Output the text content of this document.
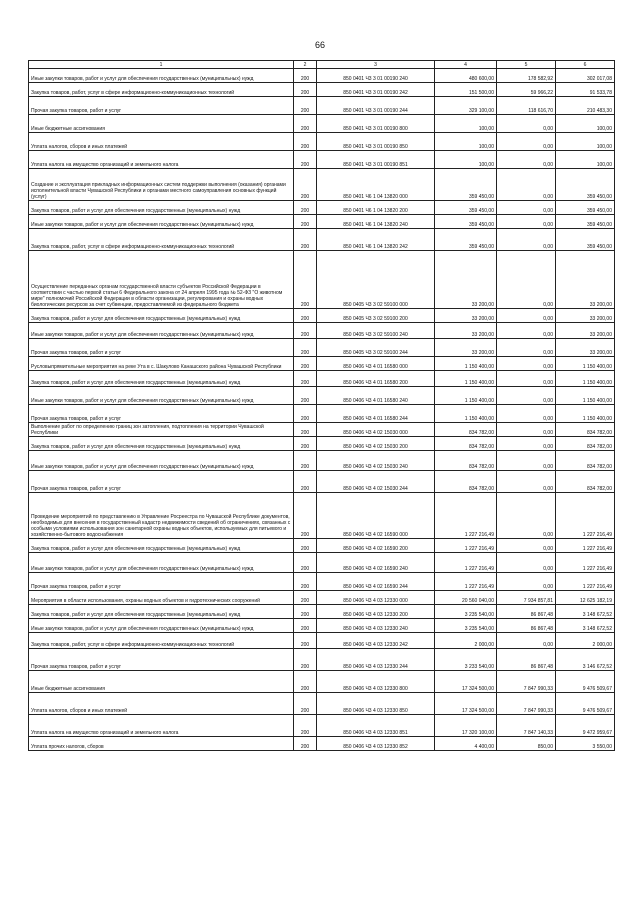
66
1	2	3	4	5	6
Иные закупки товаров, работ и услуг для обеспечения государственных (муниципальных) нужд	200	850 0401 Ч3 3 01 00190 240	480 600,00	178 582,92	302 017,08
Закупка товаров, работ, услуг в сфере информационно-коммуникационных технологий	200	850 0401 Ч3 3 01 00190 242	151 500,00	59 966,22	91 533,78
Прочая закупка товаров, работ и услуг	200	850 0401 Ч3 3 01 00190 244	329 100,00	118 616,70	210 483,30
Иные бюджетные ассигнования	200	850 0401 Ч3 3 01 00190 800	100,00	0,00	100,00
Уплата налогов, сборов и иных платежей	200	850 0401 Ч3 3 01 00190 850	100,00	0,00	100,00
Уплата налога на имущество организаций и земельного налога	200	850 0401 Ч3 3 01 00190 851	100,00	0,00	100,00
Создание и эксплуатация прикладных информационных систем поддержки выполнения (оказания) органами исполнительной власти Чувашской Республики и органами местного самоуправления основных функций (услуг)	200	850 0401 Ч6 1 04 13820 000	359 450,00	0,00	359 450,00
Закупка товаров, работ и услуг для обеспечения государственных (муниципальных) нужд	200	850 0401 Ч6 1 04 13820 200	359 450,00	0,00	359 450,00
Иные закупки товаров, работ и услуг для обеспечения государственных (муниципальных) нужд	200	850 0401 Ч6 1 04 13820 240	359 450,00	0,00	359 450,00
Закупка товаров, работ, услуг в сфере информационно-коммуникационных технологий	200	850 0401 Ч6 1 04 13820 242	359 450,00	0,00	359 450,00
Осуществление переданных органам государственной власти субъектов Российской Федерации в соответствии с частью первой статьи 6 Федерального закона от 24 апреля 1995 года № 52-ФЗ "О животном мире" полномочий Российской Федерации в области организации, регулирования и охраны водных биологических ресурсов за счет субвенции, предоставляемой из федерального бюджета	200	850 0405 Ч3 3 02 59100 000	33 200,00	0,00	33 200,00
Закупка товаров, работ и услуг для обеспечения государственных (муниципальных) нужд	200	850 0405 Ч3 3 02 59100 200	33 200,00	0,00	33 200,00
Иные закупки товаров, работ и услуг для обеспечения государственных (муниципальных) нужд	200	850 0405 Ч3 3 02 59100 240	33 200,00	0,00	33 200,00
Прочая закупка товаров, работ и услуг	200	850 0405 Ч3 3 02 59100 244	33 200,00	0,00	33 200,00
Русловыпрямительные мероприятия на реке Ута в с. Шакулово Канашского района Чувашской Республики	200	850 0406 Ч3 4 01 16580 000	1 150 400,00	0,00	1 150 400,00
Закупка товаров, работ и услуг для обеспечения государственных (муниципальных) нужд	200	850 0406 Ч3 4 01 16580 200	1 150 400,00	0,00	1 150 400,00
Иные закупки товаров, работ и услуг для обеспечения государственных (муниципальных) нужд	200	850 0406 Ч3 4 01 16580 240	1 150 400,00	0,00	1 150 400,00
Прочая закупка товаров, работ и услуг	200	850 0406 Ч3 4 01 16580 244	1 150 400,00	0,00	1 150 400,00
Выполнение работ по определению границ зон затопления, подтопления на территории Чувашской Республики	200	850 0406 Ч3 4 02 15030 000	834 782,00	0,00	834 782,00
Закупка товаров, работ и услуг для обеспечения государственных (муниципальных) нужд	200	850 0406 Ч3 4 02 15030 200	834 782,00	0,00	834 782,00
Иные закупки товаров, работ и услуг для обеспечения государственных (муниципальных) нужд	200	850 0406 Ч3 4 02 15030 240	834 782,00	0,00	834 782,00
Прочая закупка товаров, работ и услуг	200	850 0406 Ч3 4 02 15030 244	834 782,00	0,00	834 782,00
Проведение мероприятий по представлению в Управление Росреестра по Чувашской Республике документов, необходимых для внесения в государственный кадастр недвижимости сведений об ограничениях, связанных с особыми условиями использования зон санитарной охраны водных объектов, используемых для питьевого и хозяйственно-бытового водоснабжения	200	850 0406 Ч3 4 02 16590 000	1 227 216,49	0,00	1 227 216,49
Закупка товаров, работ и услуг для обеспечения государственных (муниципальных) нужд	200	850 0406 Ч3 4 02 16590 200	1 227 216,49	0,00	1 227 216,49
Иные закупки товаров, работ и услуг для обеспечения государственных (муниципальных) нужд	200	850 0406 Ч3 4 02 16590 240	1 227 216,49	0,00	1 227 216,49
Прочая закупка товаров, работ и услуг	200	850 0406 Ч3 4 02 16590 244	1 227 216,49	0,00	1 227 216,49
Мероприятия в области использования, охраны водных объектов и гидротехнических сооружений	200	850 0406 Ч3 4 03 12330 000	20 560 040,00	7 934 857,81	12 625 182,19
Закупка товаров, работ и услуг для обеспечения государственных (муниципальных) нужд	200	850 0406 Ч3 4 03 12330 200	3 235 540,00	86 867,48	3 148 672,52
Иные закупки товаров, работ и услуг для обеспечения государственных (муниципальных) нужд	200	850 0406 Ч3 4 03 12330 240	3 235 540,00	86 867,48	3 148 672,52
Закупка товаров, работ, услуг в сфере информационно-коммуникационных технологий	200	850 0406 Ч3 4 03 12330 242	2 000,00	0,00	2 000,00
Прочая закупка товаров, работ и услуг	200	850 0406 Ч3 4 03 12330 244	3 233 540,00	86 867,48	3 146 672,52
Иные бюджетные ассигнования	200	850 0406 Ч3 4 03 12330 800	17 324 500,00	7 847 990,33	9 476 509,67
Уплата налогов, сборов и иных платежей	200	850 0406 Ч3 4 03 12330 850	17 324 500,00	7 847 990,33	9 476 509,67
Уплата налога на имущество организаций и земельного налога	200	850 0406 Ч3 4 03 12330 851	17 320 100,00	7 847 140,33	9 472 959,67
Уплата прочих налогов, сборов	200	850 0406 Ч3 4 03 12330 852	4 400,00	850,00	3 550,00
